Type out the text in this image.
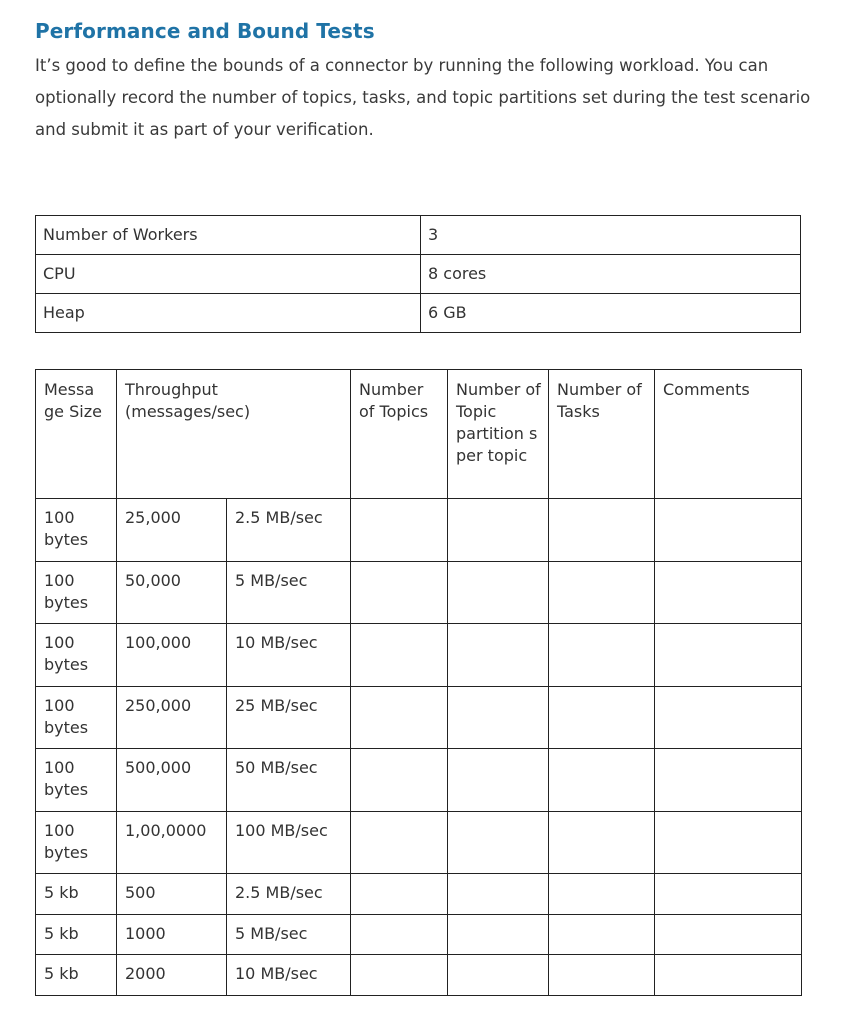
Performance and Bound Tests

It’s good to define the bounds of a connector by running the following workload. You can optionally record the number of topics, tasks, and topic partitions set during the test scenario and submit it as part of your verification.

Number of Workers	3
CPU	8 cores
Heap	6 GB
Messa ge Size	Throughput (messages/sec)		Number of Topics	Number of Topic partition s per topic	Number of Tasks	Comments
100 bytes	25,000	2.5 MB/sec				
100 bytes	50,000	5 MB/sec				
100 bytes	100,000	10 MB/sec				
100 bytes	250,000	25 MB/sec				
100 bytes	500,000	50 MB/sec				
100 bytes	1,00,0000	100 MB/sec				
5 kb	500	2.5 MB/sec				
5 kb	1000	5 MB/sec				
5 kb	2000	10 MB/sec				
